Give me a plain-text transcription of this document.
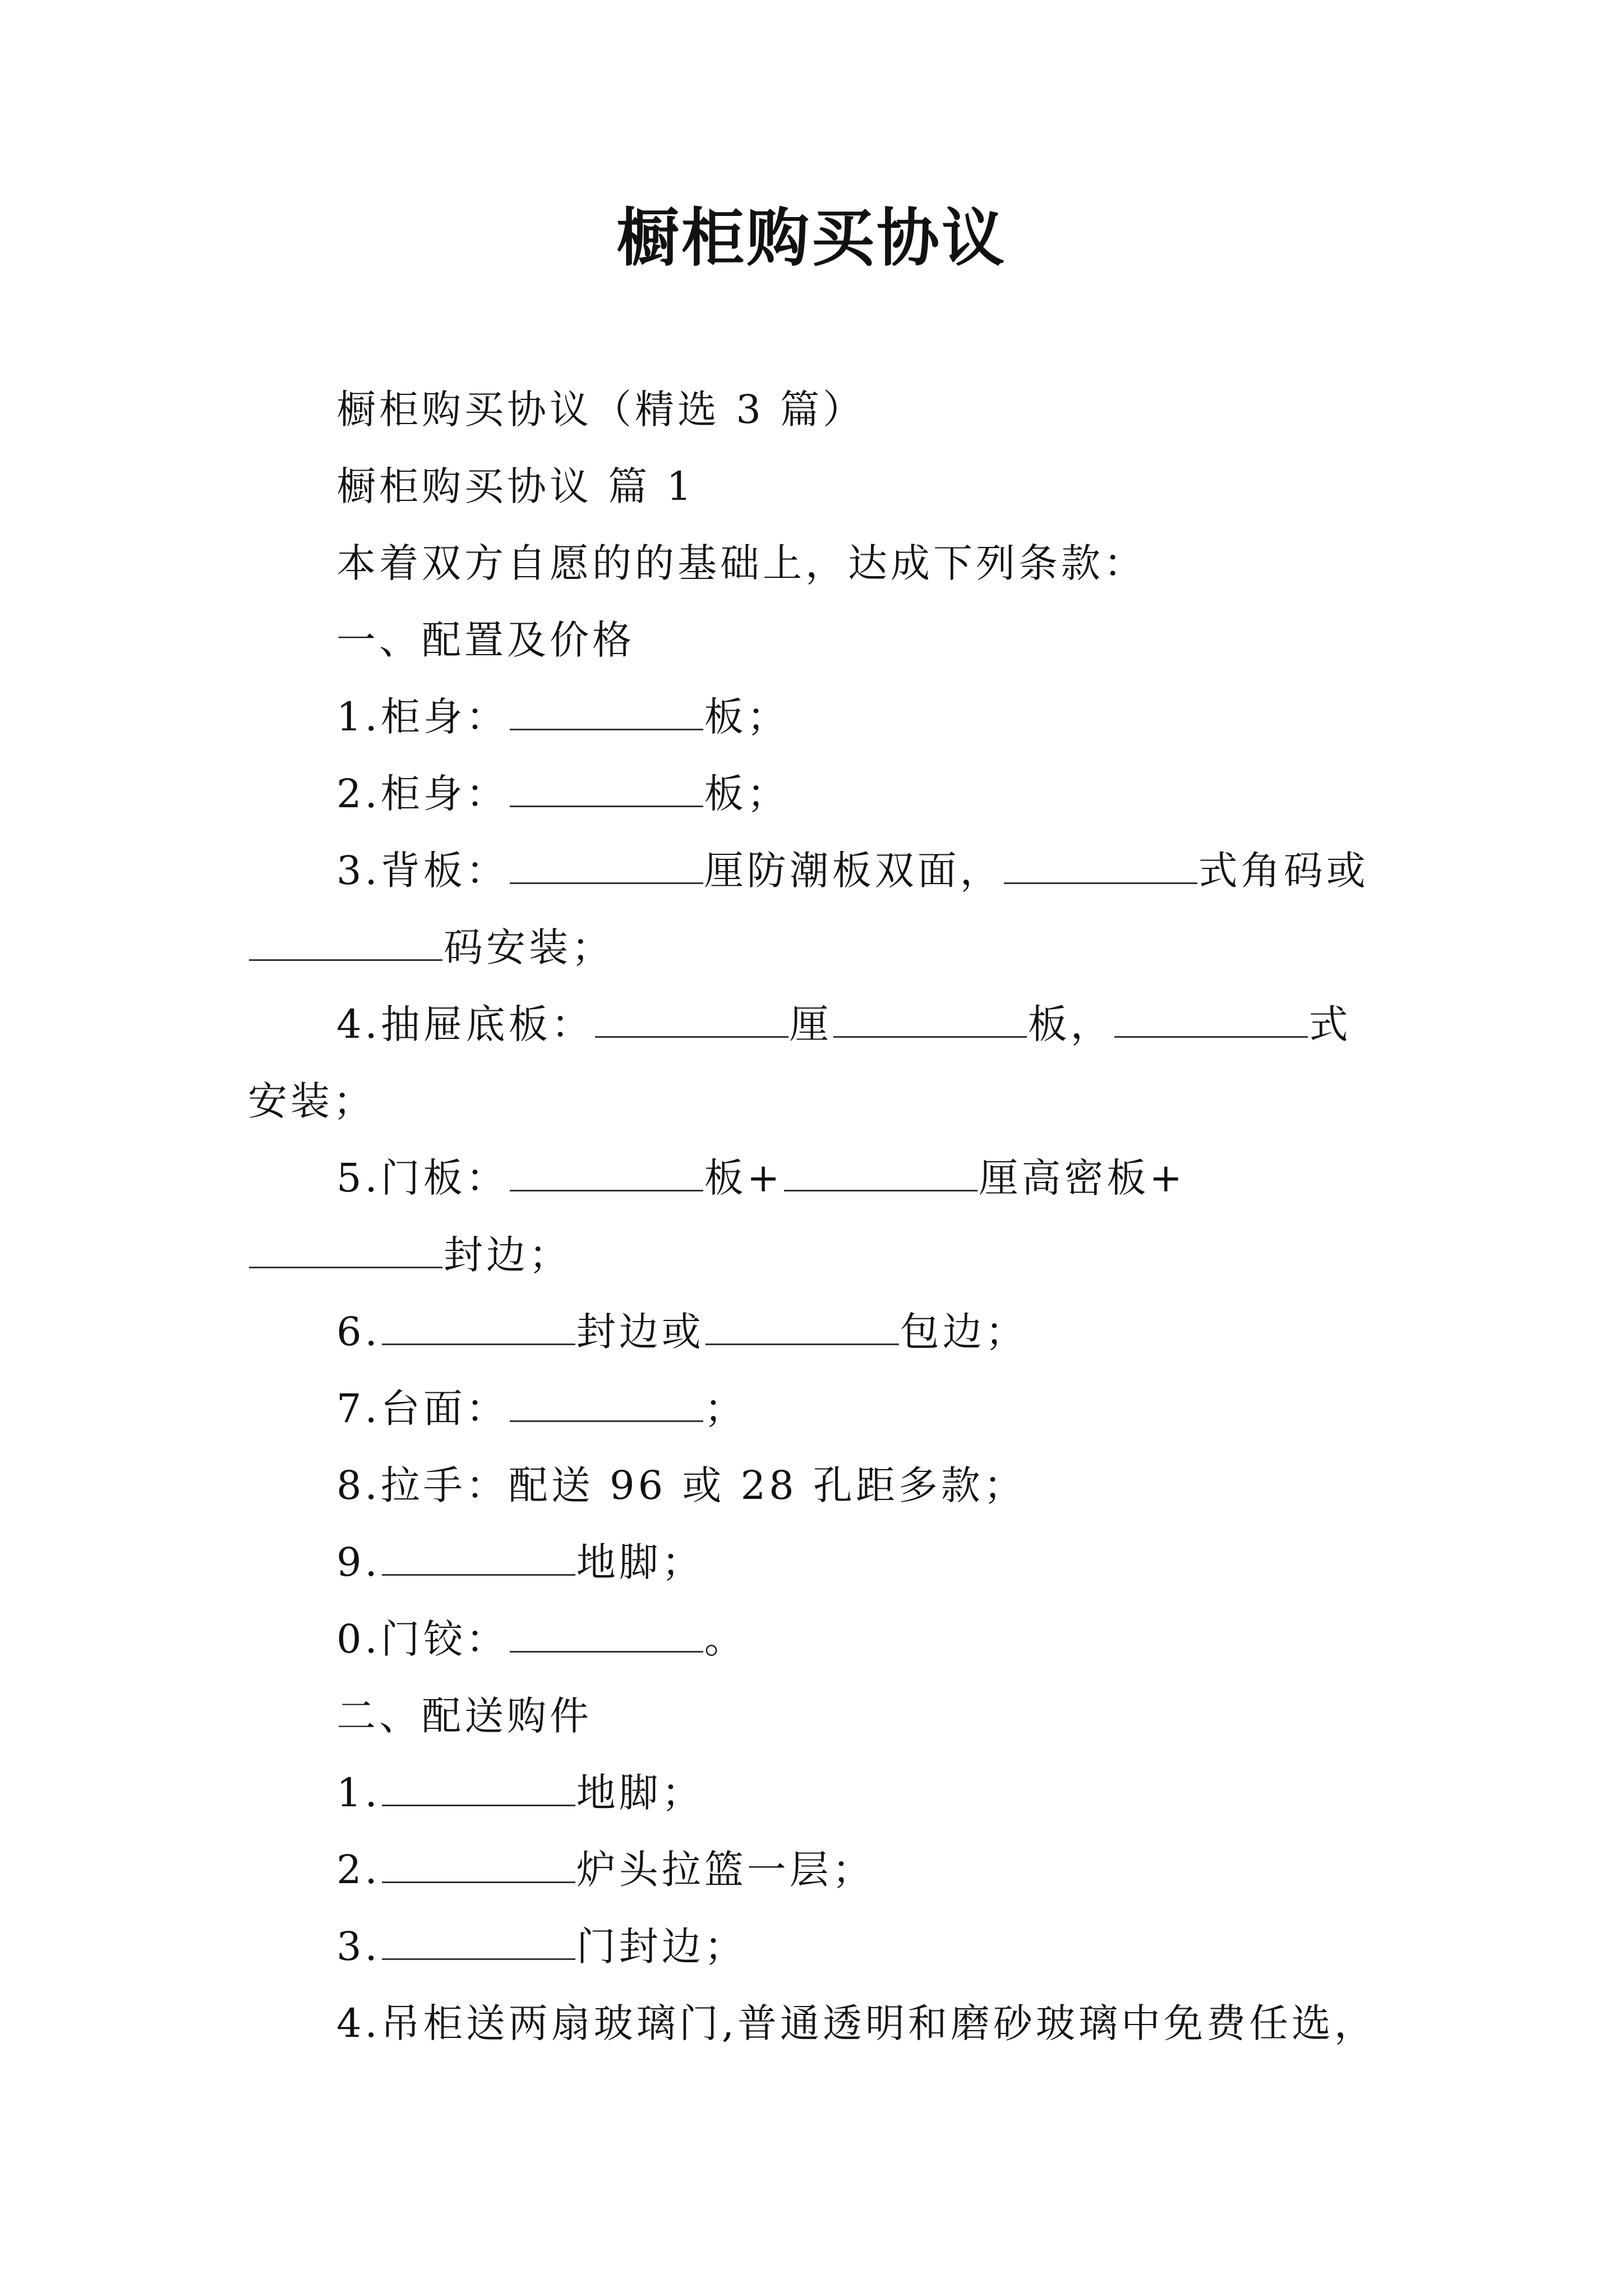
橱柜购买协议

橱柜购买协议（精选 3 篇）

橱柜购买协议 篇 1

本着双方自愿的的基础上，达成下列条款：

一、配置及价格

1.柜身：	板；

2.柜身：	板；

3.背板：	厘防潮板双面，	式角码或码安装；

4.抽屉底板：	厘	板，	式安装；

5.门板：	板+	厘高密板+封边；

6.	封边或	包边；

7.台面：	；

8.拉手：配送 96 或 28 孔距多款；

9.	地脚；

0.门铰：	。

二、配送购件

1.	地脚；

2.	炉头拉篮一层；

3.	门封边；

4.吊柜送两扇玻璃门,普通透明和磨砂玻璃中免费任选，
